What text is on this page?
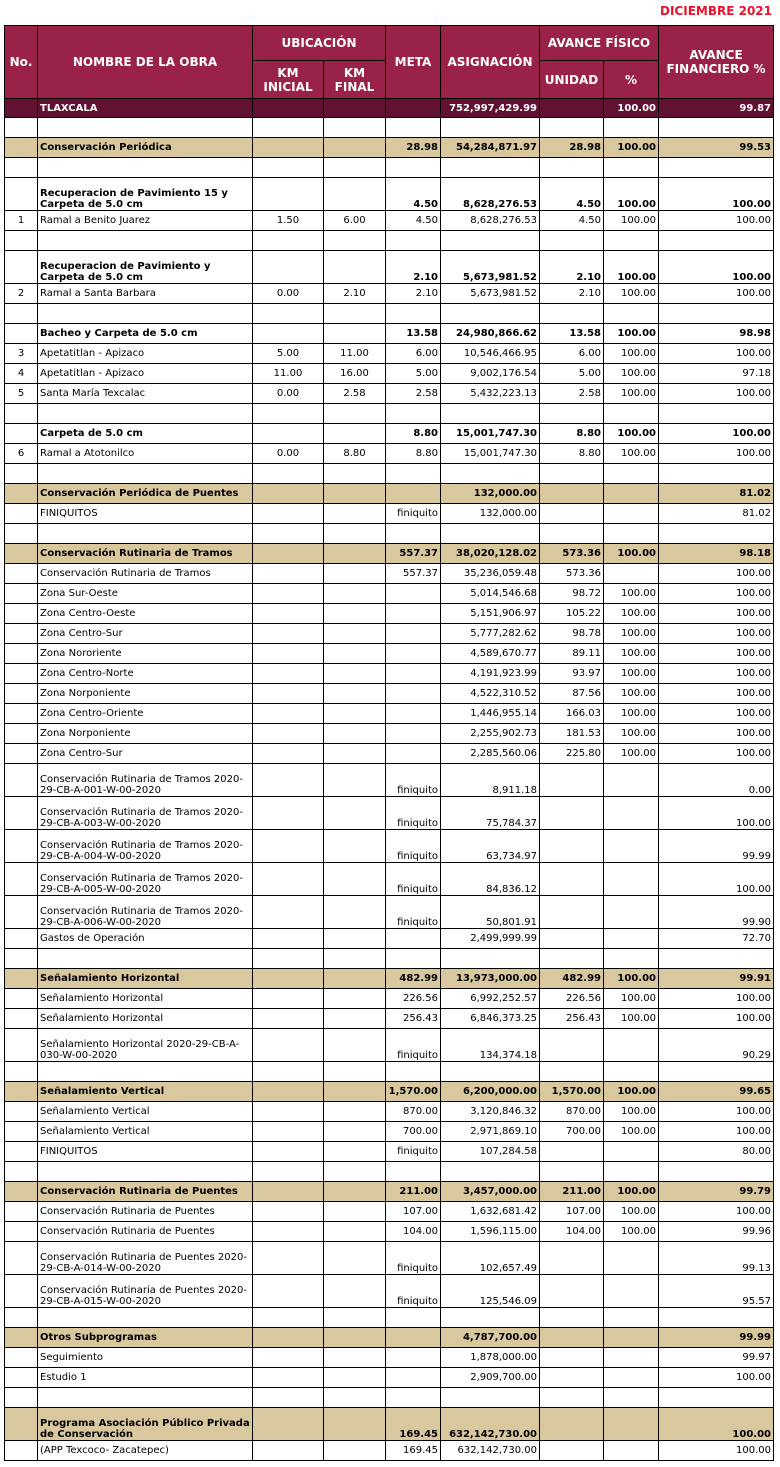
DICIEMBRE 2021
No.	NOMBRE DE LA OBRA	UBICACIÓN		META	ASIGNACIÓN	AVANCE FÍSICO		AVANCE FINANCIERO %
		KM INICIAL	KM FINAL			UNIDAD	%	
	TLAXCALA				752,997,429.99		100.00	99.87

	Conservación Periódica			28.98	54,284,871.97	28.98	100.00	99.53

	Recuperacion de Pavimiento 15 y Carpeta de 5.0 cm			4.50	8,628,276.53	4.50	100.00	100.00
1	Ramal a Benito Juarez	1.50	6.00	4.50	8,628,276.53	4.50	100.00	100.00

	Recuperacion de Pavimiento y Carpeta de 5.0 cm			2.10	5,673,981.52	2.10	100.00	100.00
2	Ramal a Santa Barbara	0.00	2.10	2.10	5,673,981.52	2.10	100.00	100.00

	Bacheo y Carpeta de 5.0 cm			13.58	24,980,866.62	13.58	100.00	98.98
3	Apetatitlan - Apizaco	5.00	11.00	6.00	10,546,466.95	6.00	100.00	100.00
4	Apetatitlan - Apizaco	11.00	16.00	5.00	9,002,176.54	5.00	100.00	97.18
5	Santa María Texcalac	0.00	2.58	2.58	5,432,223.13	2.58	100.00	100.00

	Carpeta de 5.0 cm			8.80	15,001,747.30	8.80	100.00	100.00
6	Ramal a Atotonilco	0.00	8.80	8.80	15,001,747.30	8.80	100.00	100.00

	Conservación Periódica de Puentes				132,000.00			81.02
	FINIQUITOS			finiquito	132,000.00			81.02

	Conservación Rutinaria de Tramos			557.37	38,020,128.02	573.36	100.00	98.18
	Conservación Rutinaria de Tramos			557.37	35,236,059.48	573.36		100.00
	Zona Sur-Oeste				5,014,546.68	98.72	100.00	100.00
	Zona Centro-Oeste				5,151,906.97	105.22	100.00	100.00
	Zona Centro-Sur				5,777,282.62	98.78	100.00	100.00
	Zona Nororiente				4,589,670.77	89.11	100.00	100.00
	Zona Centro-Norte				4,191,923.99	93.97	100.00	100.00
	Zona Norponiente				4,522,310.52	87.56	100.00	100.00
	Zona Centro-Oriente				1,446,955.14	166.03	100.00	100.00
	Zona Norponiente				2,255,902.73	181.53	100.00	100.00
	Zona Centro-Sur				2,285,560.06	225.80	100.00	100.00
	Conservación Rutinaria de Tramos 2020-29-CB-A-001-W-00-2020			finiquito	8,911.18			0.00
	Conservación Rutinaria de Tramos 2020-29-CB-A-003-W-00-2020			finiquito	75,784.37			100.00
	Conservación Rutinaria de Tramos 2020-29-CB-A-004-W-00-2020			finiquito	63,734.97			99.99
	Conservación Rutinaria de Tramos 2020-29-CB-A-005-W-00-2020			finiquito	84,836.12			100.00
	Conservación Rutinaria de Tramos 2020-29-CB-A-006-W-00-2020			finiquito	50,801.91			99.90
	Gastos de Operación				2,499,999.99			72.70

	Señalamiento Horizontal			482.99	13,973,000.00	482.99	100.00	99.91
	Señalamiento Horizontal			226.56	6,992,252.57	226.56	100.00	100.00
	Señalamiento Horizontal			256.43	6,846,373.25	256.43	100.00	100.00
	Señalamiento Horizontal 2020-29-CB-A-030-W-00-2020			finiquito	134,374.18			90.29

	Señalamiento Vertical			1,570.00	6,200,000.00	1,570.00	100.00	99.65
	Señalamiento Vertical			870.00	3,120,846.32	870.00	100.00	100.00
	Señalamiento Vertical			700.00	2,971,869.10	700.00	100.00	100.00
	FINIQUITOS			finiquito	107,284.58			80.00

	Conservación Rutinaria de Puentes			211.00	3,457,000.00	211.00	100.00	99.79
	Conservación Rutinaria de Puentes			107.00	1,632,681.42	107.00	100.00	100.00
	Conservación Rutinaria de Puentes			104.00	1,596,115.00	104.00	100.00	99.96
	Conservación Rutinaria de Puentes 2020-29-CB-A-014-W-00-2020			finiquito	102,657.49			99.13
	Conservación Rutinaria de Puentes 2020-29-CB-A-015-W-00-2020			finiquito	125,546.09			95.57

	Otros Subprogramas				4,787,700.00			99.99
	Seguimiento				1,878,000.00			99.97
	Estudio 1				2,909,700.00			100.00

	Programa Asociación Público Privada de Conservación			169.45	632,142,730.00			100.00
	(APP Texcoco- Zacatepec)			169.45	632,142,730.00			100.00
